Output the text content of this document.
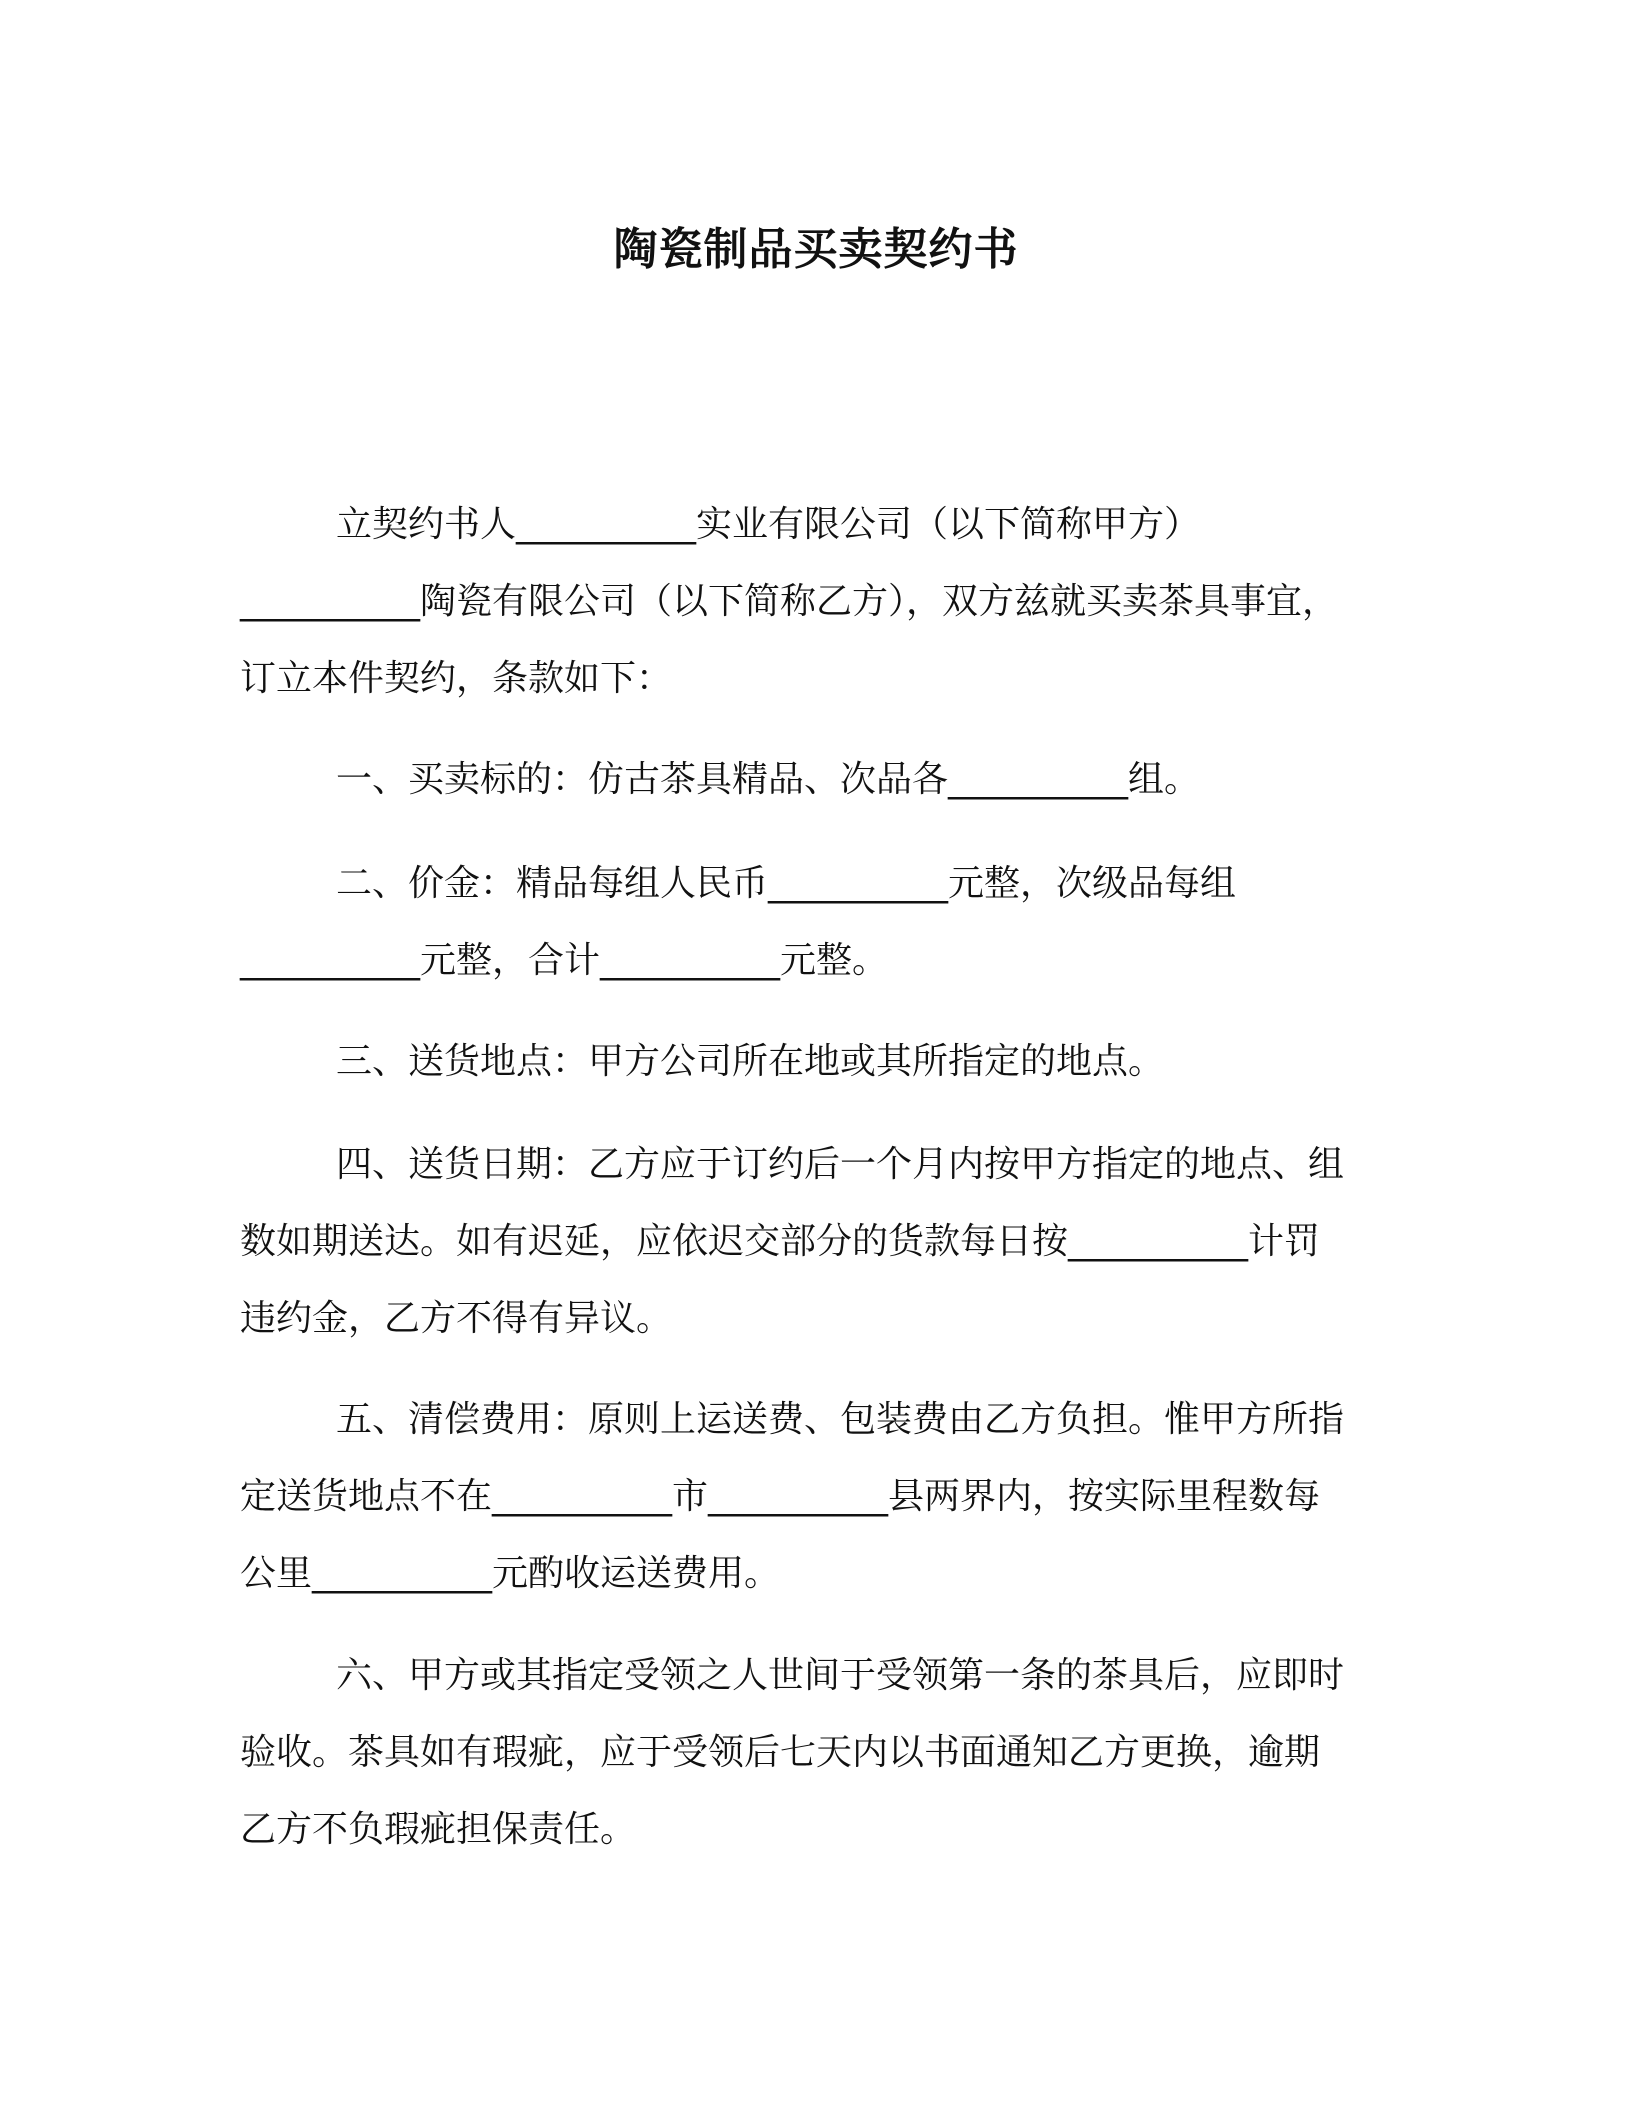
陶瓷制品买卖契约书
立契约书人__________实业有限公司（以下简称甲方）
__________陶瓷有限公司（以下简称乙方），双方兹就买卖茶具事宜，
订立本件契约，条款如下：
一、买卖标的：仿古茶具精品、次品各__________组。
二、价金：精品每组人民币__________元整，次级品每组
__________元整，合计__________元整。
三、送货地点：甲方公司所在地或其所指定的地点。
四、送货日期：乙方应于订约后一个月内按甲方指定的地点、组
数如期送达。如有迟延，应依迟交部分的货款每日按__________计罚
违约金，乙方不得有异议。
五、清偿费用：原则上运送费、包装费由乙方负担。惟甲方所指
定送货地点不在__________市__________县两界内，按实际里程数每
公里__________元酌收运送费用。
六、甲方或其指定受领之人世间于受领第一条的茶具后，应即时
验收。茶具如有瑕疵，应于受领后七天内以书面通知乙方更换，逾期
乙方不负瑕疵担保责任。
